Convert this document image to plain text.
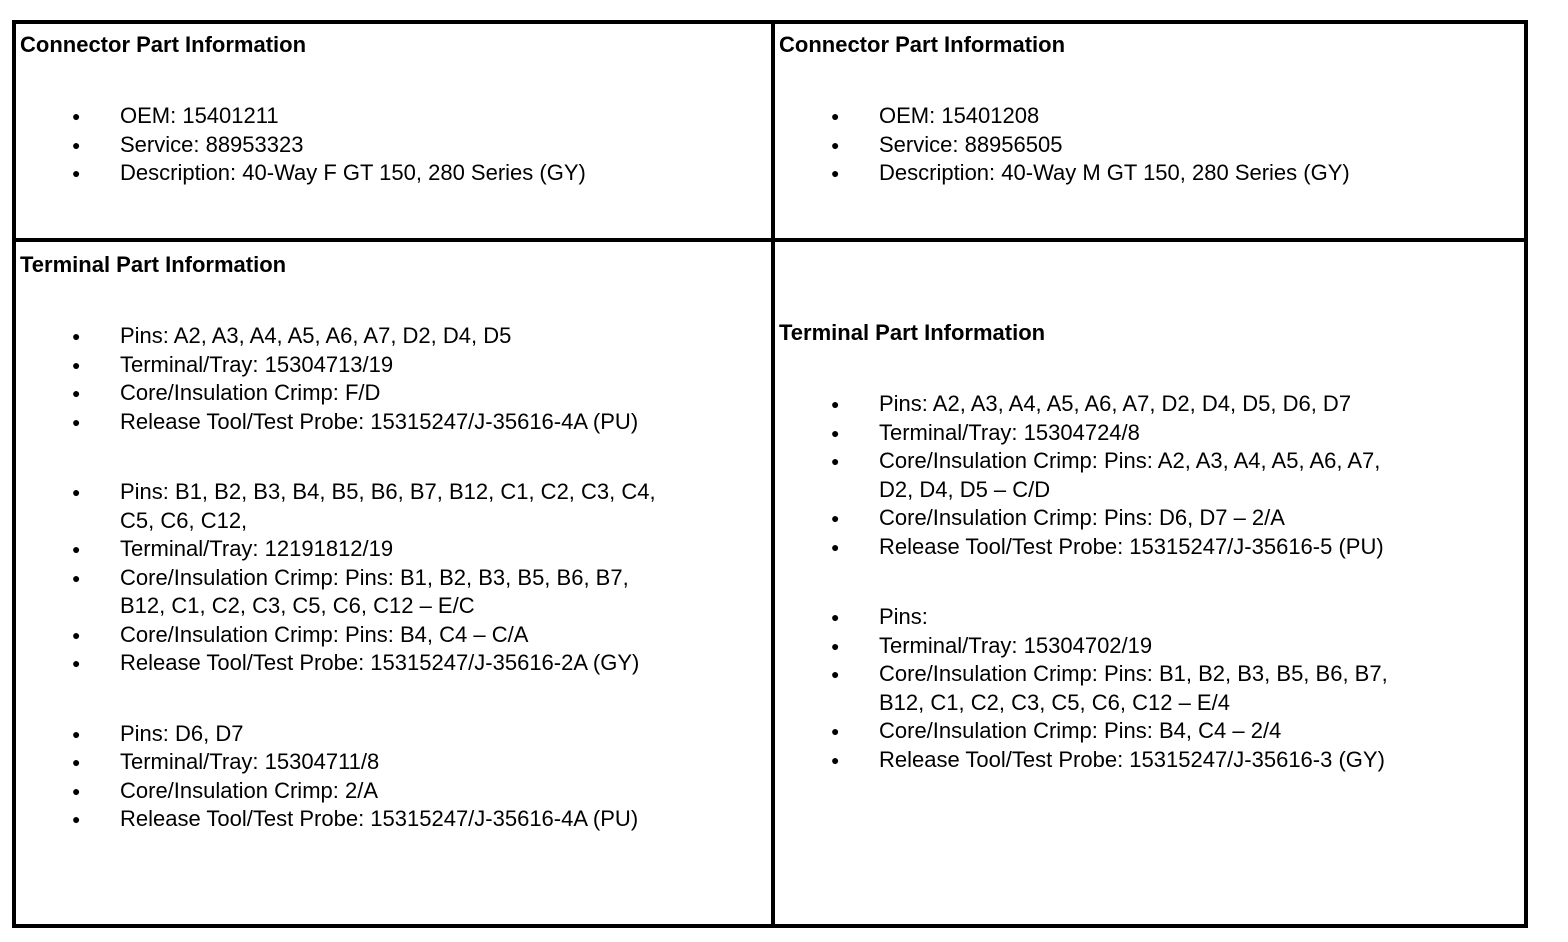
Connector Part Information
● OEM: 15401211
● Service: 88953323
● Description: 40-Way F GT 150, 280 Series (GY)
Connector Part Information
● OEM: 15401208
● Service: 88956505
● Description: 40-Way M GT 150, 280 Series (GY)
Terminal Part Information
● Pins: A2, A3, A4, A5, A6, A7, D2, D4, D5
● Terminal/Tray: 15304713/19
● Core/Insulation Crimp: F/D
● Release Tool/Test Probe: 15315247/J-35616-4A (PU)
● Pins: B1, B2, B3, B4, B5, B6, B7, B12, C1, C2, C3, C4, C5, C6, C12,
● Terminal/Tray: 12191812/19
● Core/Insulation Crimp: Pins: B1, B2, B3, B5, B6, B7, B12, C1, C2, C3, C5, C6, C12 – E/C
● Core/Insulation Crimp: Pins: B4, C4 – C/A
● Release Tool/Test Probe: 15315247/J-35616-2A (GY)
● Pins: D6, D7
● Terminal/Tray: 15304711/8
● Core/Insulation Crimp: 2/A
● Release Tool/Test Probe: 15315247/J-35616-4A (PU)
Terminal Part Information
● Pins: A2, A3, A4, A5, A6, A7, D2, D4, D5, D6, D7
● Terminal/Tray: 15304724/8
● Core/Insulation Crimp: Pins: A2, A3, A4, A5, A6, A7, D2, D4, D5 – C/D
● Core/Insulation Crimp: Pins: D6, D7 – 2/A
● Release Tool/Test Probe: 15315247/J-35616-5 (PU)
● Pins:
● Terminal/Tray: 15304702/19
● Core/Insulation Crimp: Pins: B1, B2, B3, B5, B6, B7, B12, C1, C2, C3, C5, C6, C12 – E/4
● Core/Insulation Crimp: Pins: B4, C4 – 2/4
● Release Tool/Test Probe: 15315247/J-35616-3 (GY)
